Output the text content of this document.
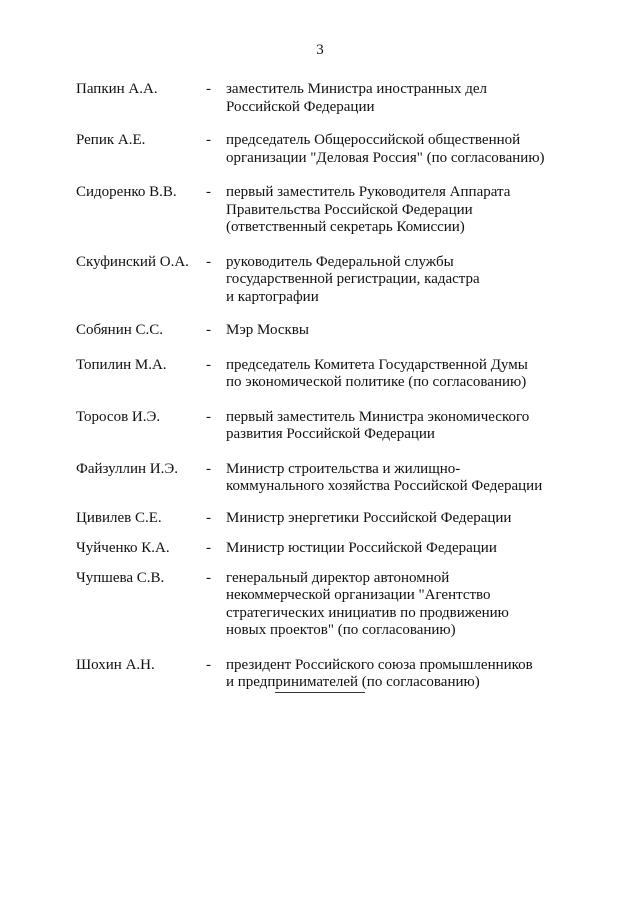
3
Папкин А.А.	-	заместитель Министра иностранных дел
Российской Федерации
Репик А.Е.	-	председатель Общероссийской общественной
организации "Деловая Россия" (по согласованию)
Сидоренко В.В.	-	первый заместитель Руководителя Аппарата
Правительства Российской Федерации
(ответственный секретарь Комиссии)
Скуфинский О.А.	-	руководитель Федеральной службы
государственной регистрации, кадастра
и картографии
Собянин С.С.	-	Мэр Москвы
Топилин М.А.	-	председатель Комитета Государственной Думы
по экономической политике (по согласованию)
Торосов И.Э.	-	первый заместитель Министра экономического
развития Российской Федерации
Файзуллин И.Э.	-	Министр строительства и жилищно-
коммунального хозяйства Российской Федерации
Цивилев С.Е.	-	Министр энергетики Российской Федерации
Чуйченко К.А.	-	Министр юстиции Российской Федерации
Чупшева С.В.	-	генеральный директор автономной
некоммерческой организации "Агентство
стратегических инициатив по продвижению
новых проектов" (по согласованию)
Шохин А.Н.	-	президент Российского союза промышленников
и предпринимателей (по согласованию)
